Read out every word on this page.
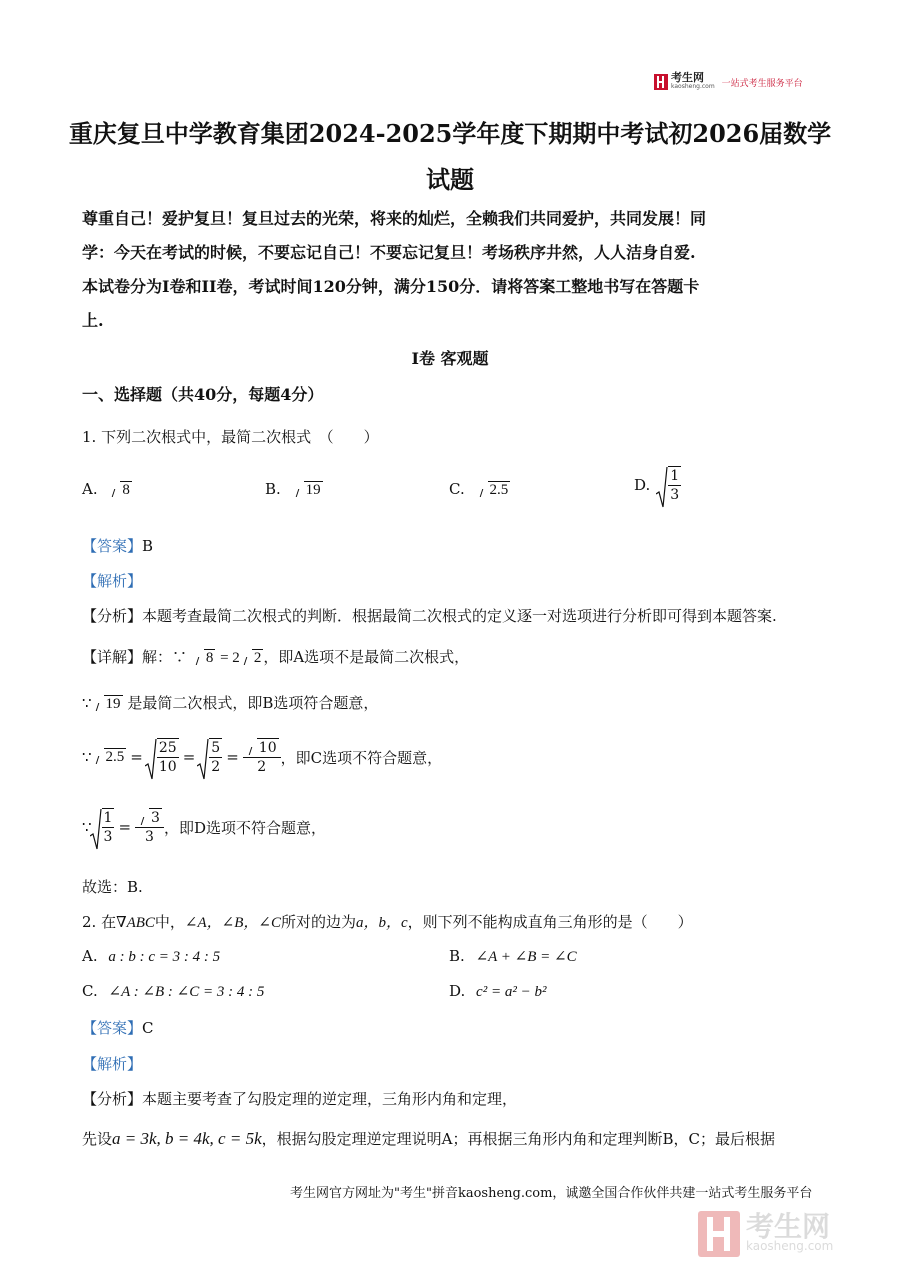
考生网
kaosheng.com 一站式考生服务平台
重庆复旦中学教育集团2024-2025学年度下期期中考试初2026届数学
试题
尊重自己！爱护复旦！复旦过去的光荣，将来的灿烂，全赖我们共同爱护，共同发展！同
学：今天在考试的时候，不要忘记自己！不要忘记复旦！考场秩序井然，人人洁身自爱.
本试卷分为I卷和II卷，考试时间120分钟，满分150分．请将答案工整地书写在答题卡
上.
I卷 客观题
一、选择题（共40分，每题4分）
1. 下列二次根式中，最简二次根式　（　　）
A. 8	B. 19	C. 2.5	D. $\frac{1}{3}$
【答案】B
【解析】
【分析】本题考查最简二次根式的判断．根据最简二次根式的定义逐一对选项进行分析即可得到本题答案.
【详解】解：∵ 8 = 2 2 ，即A选项不是最简二次根式，
∵ 19 是最简二次根式，即B选项符合题意，
∵ $2.5 = \frac{25}{10} = \frac{5}{2} = \frac{10}{2}$ ，即C选项不符合题意，
∵ $\frac{1}{3} = \frac{3}{3}$ ，即D选项不符合题意，
故选：B.
2. 在∇ABC中，∠A，∠B，∠C所对的边为a，b，c，则下列不能构成直角三角形的是（　　）
A. a : b : c = 3 : 4 : 5	B. ∠A + ∠B = ∠C
C. ∠A : ∠B : ∠C = 3 : 4 : 5	D. c² = a² − b²
【答案】C
【解析】
【分析】本题主要考查了勾股定理的逆定理，三角形内角和定理，
先设a = 3k, b = 4k, c = 5k，根据勾股定理逆定理说明A；再根据三角形内角和定理判断B，C；最后根据
考生网官方网址为"考生"拼音kaosheng.com，诚邀全国合作伙伴共建一站式考生服务平台
考生网
kaosheng.com
